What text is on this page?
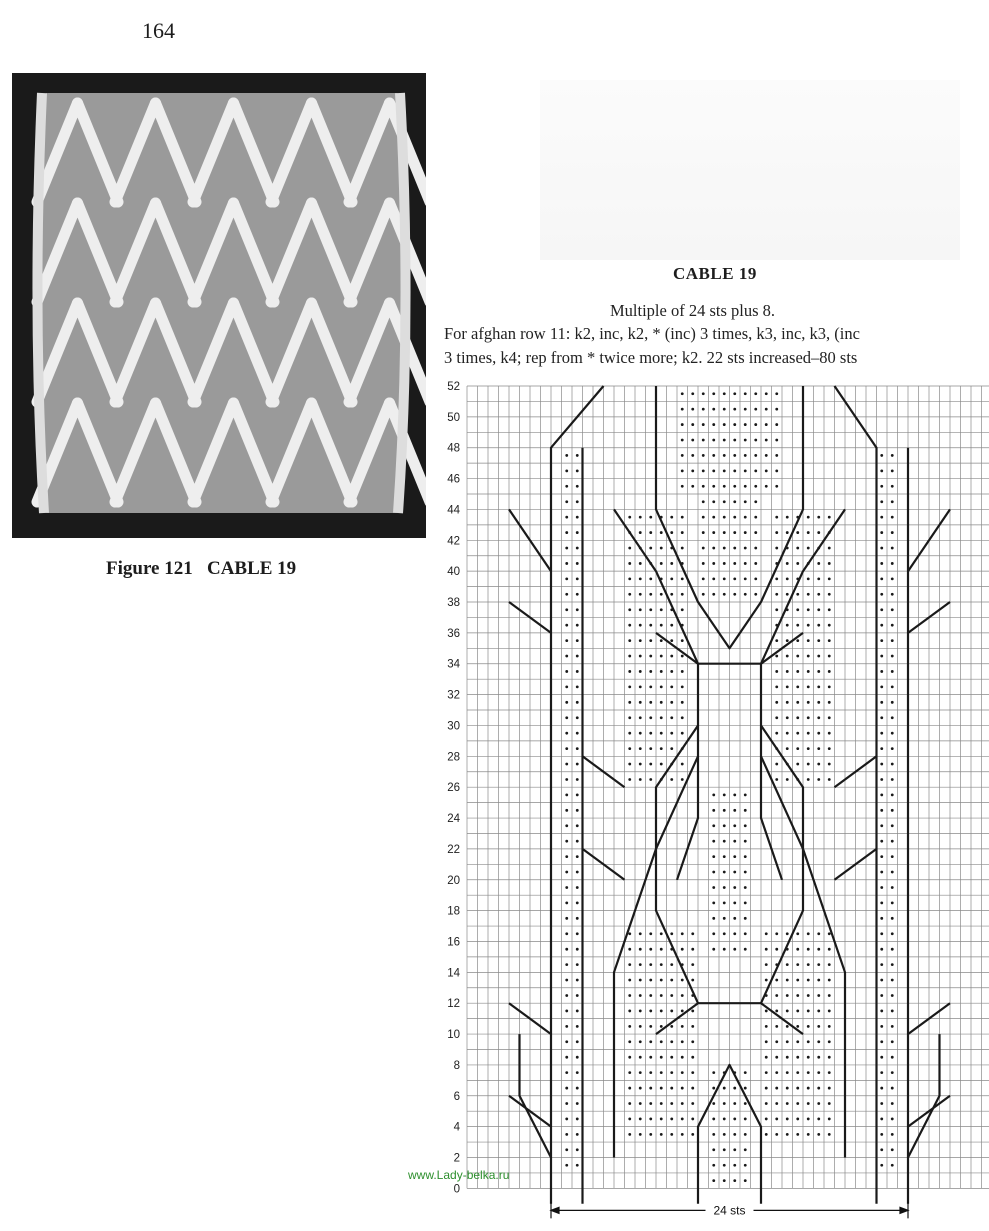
164
Figure 121   CABLE 19
CABLE 19
Multiple of 24 sts plus 8.
For afghan row 11: k2, inc, k2, * (inc) 3 times, k3, inc, k3, (inc
3 times, k4; rep from * twice more; k2. 22 sts increased–80 sts
52
50
48
46
44
42
40
38
36
34
32
30
28
26
24
22
20
18
16
14
12
10
8
6
4
2
0
24 sts
www.Lady-belka.ru
